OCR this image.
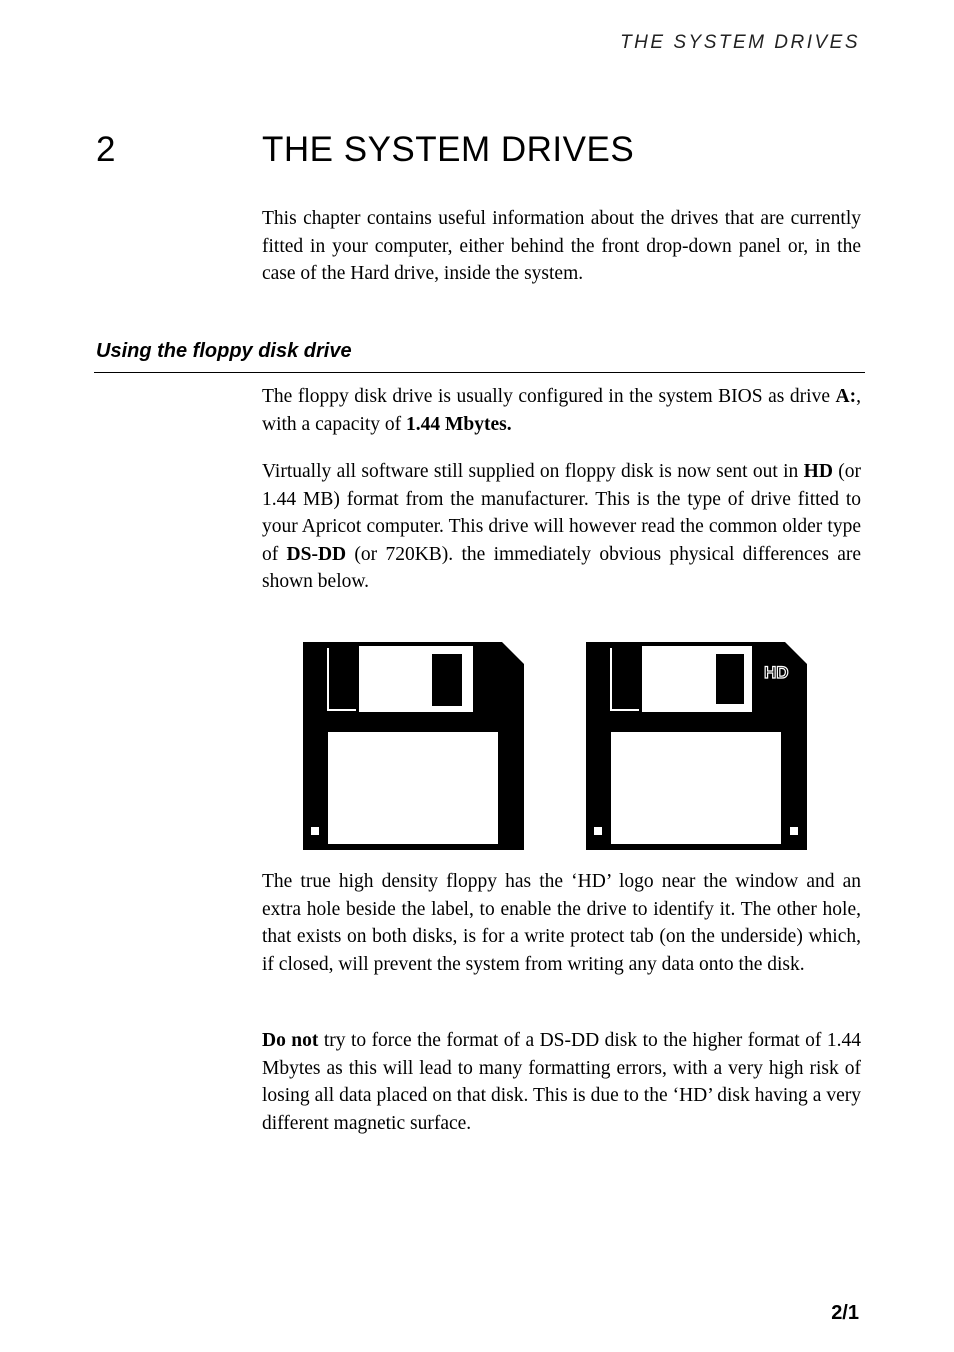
THE SYSTEM DRIVES
2	THE SYSTEM DRIVES

This chapter contains useful information about the drives that are currently fitted in your computer, either behind the front drop-down panel or, in the case of the Hard drive, inside the system.

Using the floppy disk drive

The floppy disk drive is usually configured in the system BIOS as drive A:, with a capacity of 1.44 Mbytes.

Virtually all software still supplied on floppy disk is now sent out in HD (or 1.44 MB) format from the manufacturer. This is the type of drive fitted to your Apricot computer. This drive will however read the common older type of DS-DD (or 720KB). the immediately obvious physical differences are shown below.

HD

The true high density floppy has the ‘HD’ logo near the window and an extra hole beside the label, to enable the drive to identify it. The other hole, that exists on both disks, is for a write protect tab (on the underside) which, if closed, will prevent the system from writing any data onto the disk.

Do not try to force the format of a DS-DD disk to the higher format of 1.44 Mbytes as this will lead to many formatting errors, with a very high risk of losing all data placed on that disk. This is due to the ‘HD’ disk having a very different magnetic surface.

2/1
